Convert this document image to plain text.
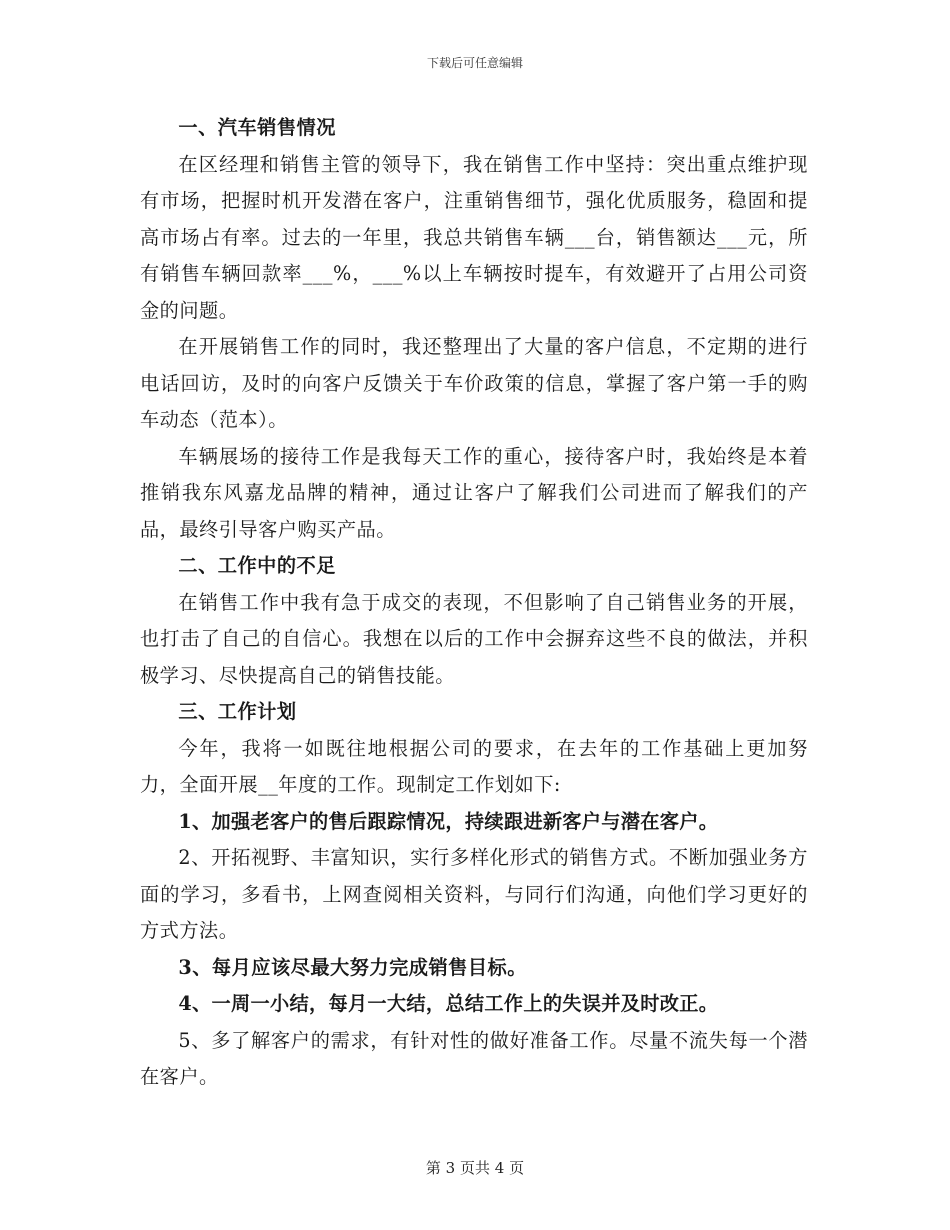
下载后可任意编辑

一、汽车销售情况

在区经理和销售主管的领导下，我在销售工作中坚持：突出重点维护现有市场，把握时机开发潜在客户，注重销售细节，强化优质服务，稳固和提高市场占有率。过去的一年里，我总共销售车辆___台，销售额达___元，所有销售车辆回款率___%，___%以上车辆按时提车，有效避开了占用公司资金的问题。

在开展销售工作的同时，我还整理出了大量的客户信息，不定期的进行电话回访，及时的向客户反馈关于车价政策的信息，掌握了客户第一手的购车动态（范本）。

车辆展场的接待工作是我每天工作的重心，接待客户时，我始终是本着推销我东风嘉龙品牌的精神，通过让客户了解我们公司进而了解我们的产品，最终引导客户购买产品。

二、工作中的不足

在销售工作中我有急于成交的表现，不但影响了自己销售业务的开展，也打击了自己的自信心。我想在以后的工作中会摒弃这些不良的做法，并积极学习、尽快提高自己的销售技能。

三、工作计划

今年，我将一如既往地根据公司的要求，在去年的工作基础上更加努力，全面开展__年度的工作。现制定工作划如下:

1、加强老客户的售后跟踪情况，持续跟进新客户与潜在客户。

2、开拓视野、丰富知识，实行多样化形式的销售方式。不断加强业务方面的学习，多看书，上网查阅相关资料，与同行们沟通，向他们学习更好的方式方法。

3、每月应该尽最大努力完成销售目标。

4、一周一小结，每月一大结，总结工作上的失误并及时改正。

5、多了解客户的需求，有针对性的做好准备工作。尽量不流失每一个潜在客户。

第 3 页共 4 页
